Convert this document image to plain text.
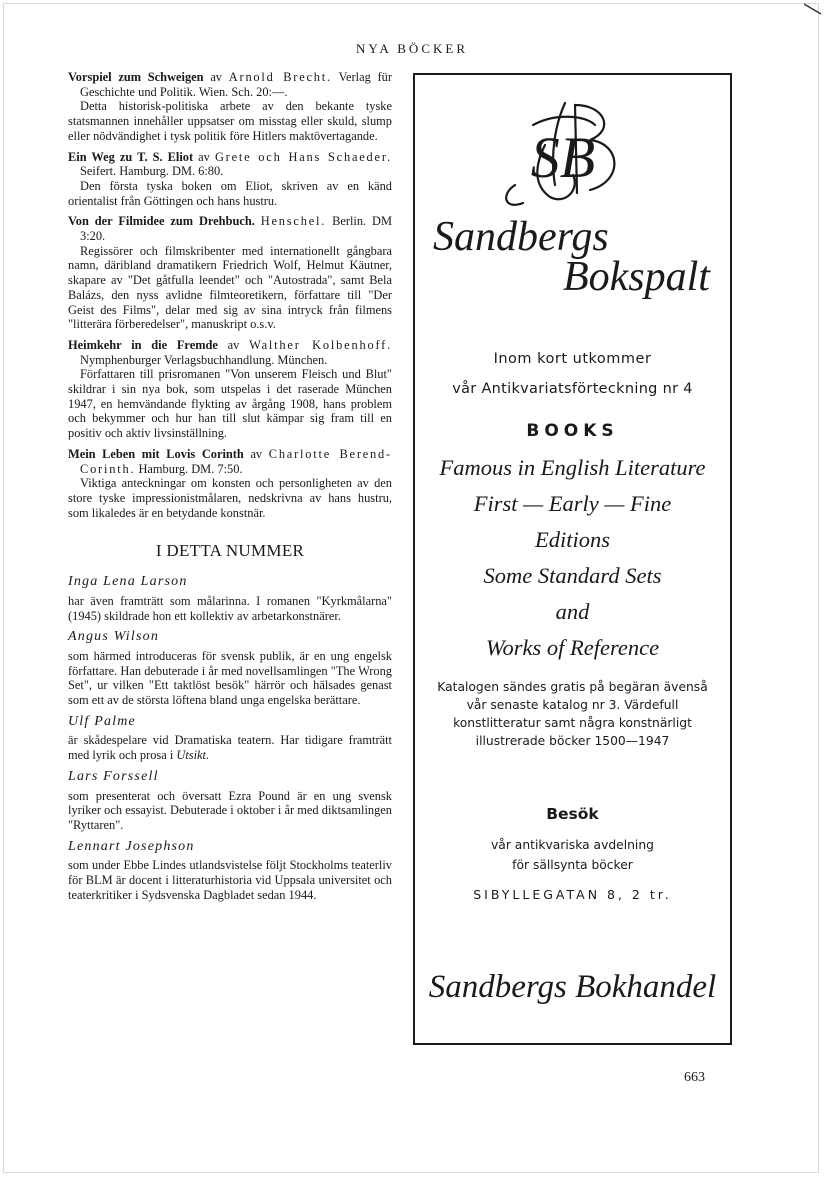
NYA BÖCKER

Vorspiel zum Schweigen av Arnold Brecht. Verlag für Geschichte und Politik. Wien. Sch. 20:—.

Detta historisk-politiska arbete av den bekante tyske statsmannen innehåller uppsatser om misstag eller skuld, slump eller nödvändighet i tysk politik före Hitlers maktövertagande.

Ein Weg zu T. S. Eliot av Grete och Hans Schaeder. Seifert. Hamburg. DM. 6:80.

Den första tyska boken om Eliot, skriven av en känd orientalist från Göttingen och hans hustru.

Von der Filmidee zum Drehbuch. Henschel. Berlin. DM 3:20.

Regissörer och filmskribenter med internationellt gångbara namn, däribland dramatikern Friedrich Wolf, Helmut Käutner, skapare av "Det gåtfulla leendet" och "Autostrada", samt Bela Balázs, den nyss avlidne filmteoretikern, författare till "Der Geist des Films", delar med sig av sina intryck från filmens "litterära förberedelser", manuskript o.s.v.

Heimkehr in die Fremde av Walther Kolbenhoff. Nymphenburger Verlagsbuchhandlung. München.

Författaren till prisromanen "Von unserem Fleisch und Blut" skildrar i sin nya bok, som utspelas i det raserade München 1947, en hemvändande flykting av årgång 1908, hans problem och bekymmer och hur han till slut kämpar sig fram till en positiv och aktiv livsinställning.

Mein Leben mit Lovis Corinth av Charlotte Berend-Corinth. Hamburg. DM. 7:50.

Viktiga anteckningar om konsten och personligheten av den store tyske impressionistmålaren, nedskrivna av hans hustru, som likaledes är en betydande konstnär.

I DETTA NUMMER

Inga Lena Larson

har även framträtt som målarinna. I romanen "Kyrkmålarna" (1945) skildrade hon ett kollektiv av arbetarkonstnärer.

Angus Wilson

som härmed introduceras för svensk publik, är en ung engelsk författare. Han debuterade i år med novellsamlingen "The Wrong Set", ur vilken "Ett taktlöst besök" härrör och hälsades genast som ett av de största löftena bland unga engelska berättare.

Ulf Palme

är skådespelare vid Dramatiska teatern. Har tidigare framträtt med lyrik och prosa i Utsikt.

Lars Forssell

som presenterat och översatt Ezra Pound är en ung svensk lyriker och essayist. Debuterade i oktober i år med diktsamlingen "Ryttaren".

Lennart Josephson

som under Ebbe Lindes utlandsvistelse följt Stockholms teaterliv för BLM är docent i litteraturhistoria vid Uppsala universitet och teaterkritiker i Sydsvenska Dagbladet sedan 1944.

SB
Sandbergs
Bokspalt
Inom kort utkommer
vår Antikvariatsförteckning nr 4
BOOKS
Famous in English Literature
First — Early — Fine
Editions
Some Standard Sets
and
Works of Reference
Katalogen sändes gratis på begäran ävenså vår senaste katalog nr 3. Värdefull konstlitteratur samt några konstnärligt illustrerade böcker 1500—1947
Besök
vår antikvariska avdelning
för sällsynta böcker
SIBYLLEGATAN 8, 2 tr.
Sandbergs Bokhandel
663
